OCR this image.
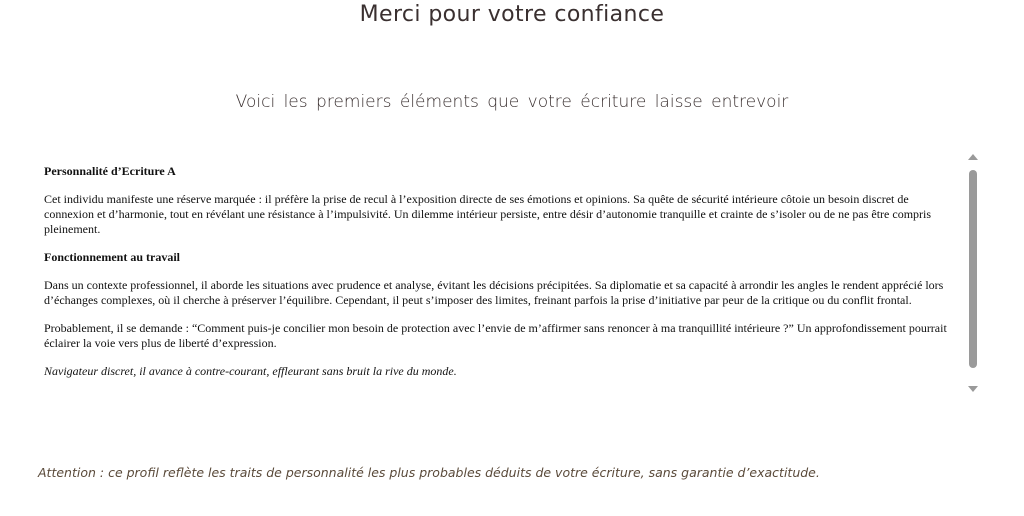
Merci pour votre confiance
Voici les premiers éléments que votre écriture laisse entrevoir
Personnalité d’Ecriture A

Cet individu manifeste une réserve marquée : il préfère la prise de recul à l’exposition directe de ses émotions et opinions. Sa quête de sécurité intérieure côtoie un besoin discret de connexion et d’harmonie, tout en révélant une résistance à l’impulsivité. Un dilemme intérieur persiste, entre désir d’autonomie tranquille et crainte de s’isoler ou de ne pas être compris pleinement.

Fonctionnement au travail

Dans un contexte professionnel, il aborde les situations avec prudence et analyse, évitant les décisions précipitées. Sa diplomatie et sa capacité à arrondir les angles le rendent apprécié lors d’échanges complexes, où il cherche à préserver l’équilibre. Cependant, il peut s’imposer des limites, freinant parfois la prise d’initiative par peur de la critique ou du conflit frontal.

Probablement, il se demande : “Comment puis-je concilier mon besoin de protection avec l’envie de m’affirmer sans renoncer à ma tranquillité intérieure ?” Un approfondissement pourrait éclairer la voie vers plus de liberté d’expression.

Navigateur discret, il avance à contre-courant, effleurant sans bruit la rive du monde.

Attention : ce profil reflète les traits de personnalité les plus probables déduits de votre écriture, sans garantie d’exactitude.
